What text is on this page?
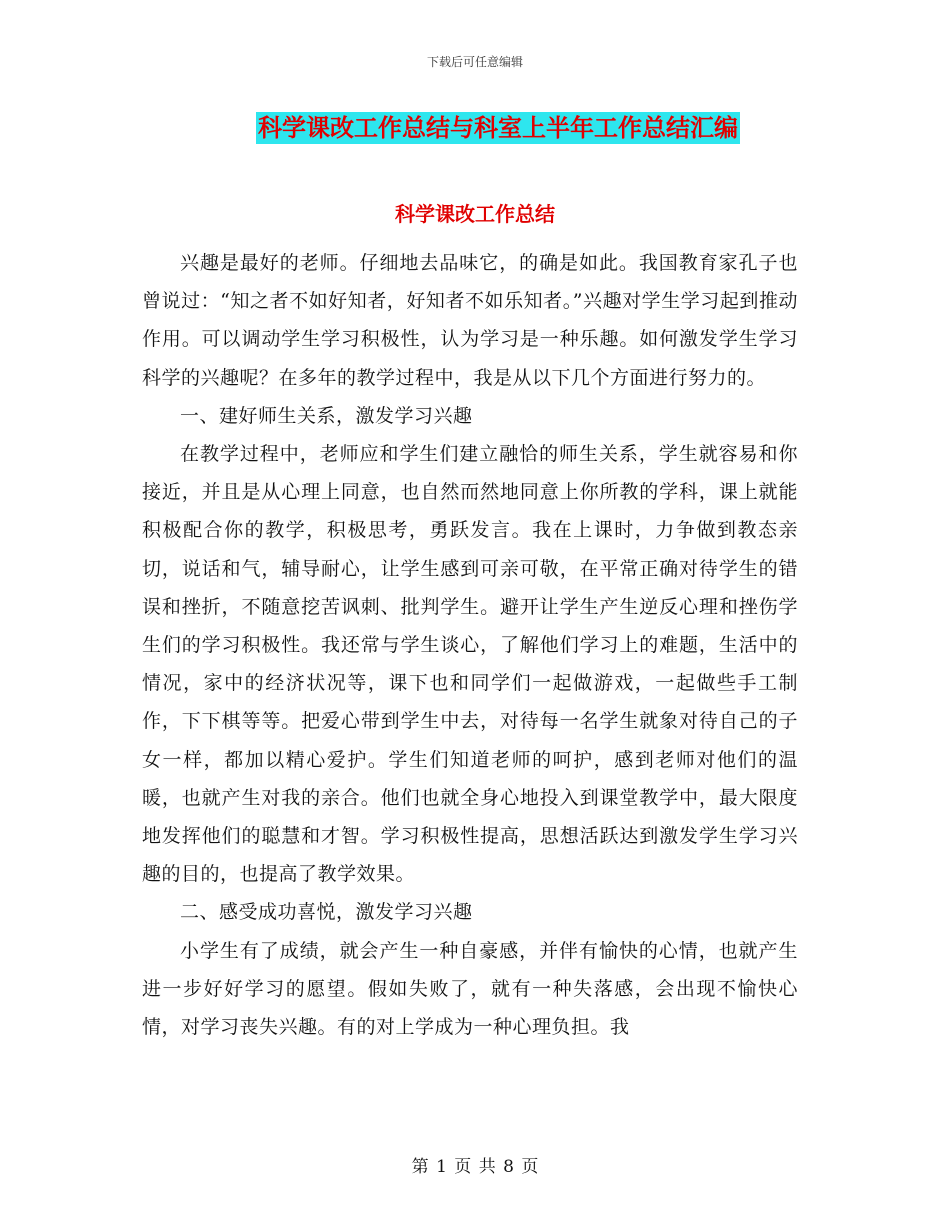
下载后可任意编辑
科学课改工作总结与科室上半年工作总结汇编
科学课改工作总结

兴趣是最好的老师。仔细地去品味它，的确是如此。我国教育家孔子也曾说过：“知之者不如好知者，好知者不如乐知者。”兴趣对学生学习起到推动作用。可以调动学生学习积极性，认为学习是一种乐趣。如何激发学生学习科学的兴趣呢？在多年的教学过程中，我是从以下几个方面进行努力的。

一、建好师生关系，激发学习兴趣

在教学过程中，老师应和学生们建立融恰的师生关系，学生就容易和你接近，并且是从心理上同意，也自然而然地同意上你所教的学科，课上就能积极配合你的教学，积极思考，勇跃发言。我在上课时，力争做到教态亲切，说话和气，辅导耐心，让学生感到可亲可敬，在平常正确对待学生的错误和挫折，不随意挖苦讽刺、批判学生。避开让学生产生逆反心理和挫伤学生们的学习积极性。我还常与学生谈心，了解他们学习上的难题，生活中的情况，家中的经济状况等，课下也和同学们一起做游戏，一起做些手工制作，下下棋等等。把爱心带到学生中去，对待每一名学生就象对待自己的子女一样，都加以精心爱护。学生们知道老师的呵护，感到老师对他们的温暖，也就产生对我的亲合。他们也就全身心地投入到课堂教学中，最大限度地发挥他们的聪慧和才智。学习积极性提高，思想活跃达到激发学生学习兴趣的目的，也提高了教学效果。

二、感受成功喜悦，激发学习兴趣

小学生有了成绩，就会产生一种自豪感，并伴有愉快的心情，也就产生进一步好好学习的愿望。假如失败了，就有一种失落感，会出现不愉快心情，对学习丧失兴趣。有的对上学成为一种心理负担。我

第 1 页 共 8 页
